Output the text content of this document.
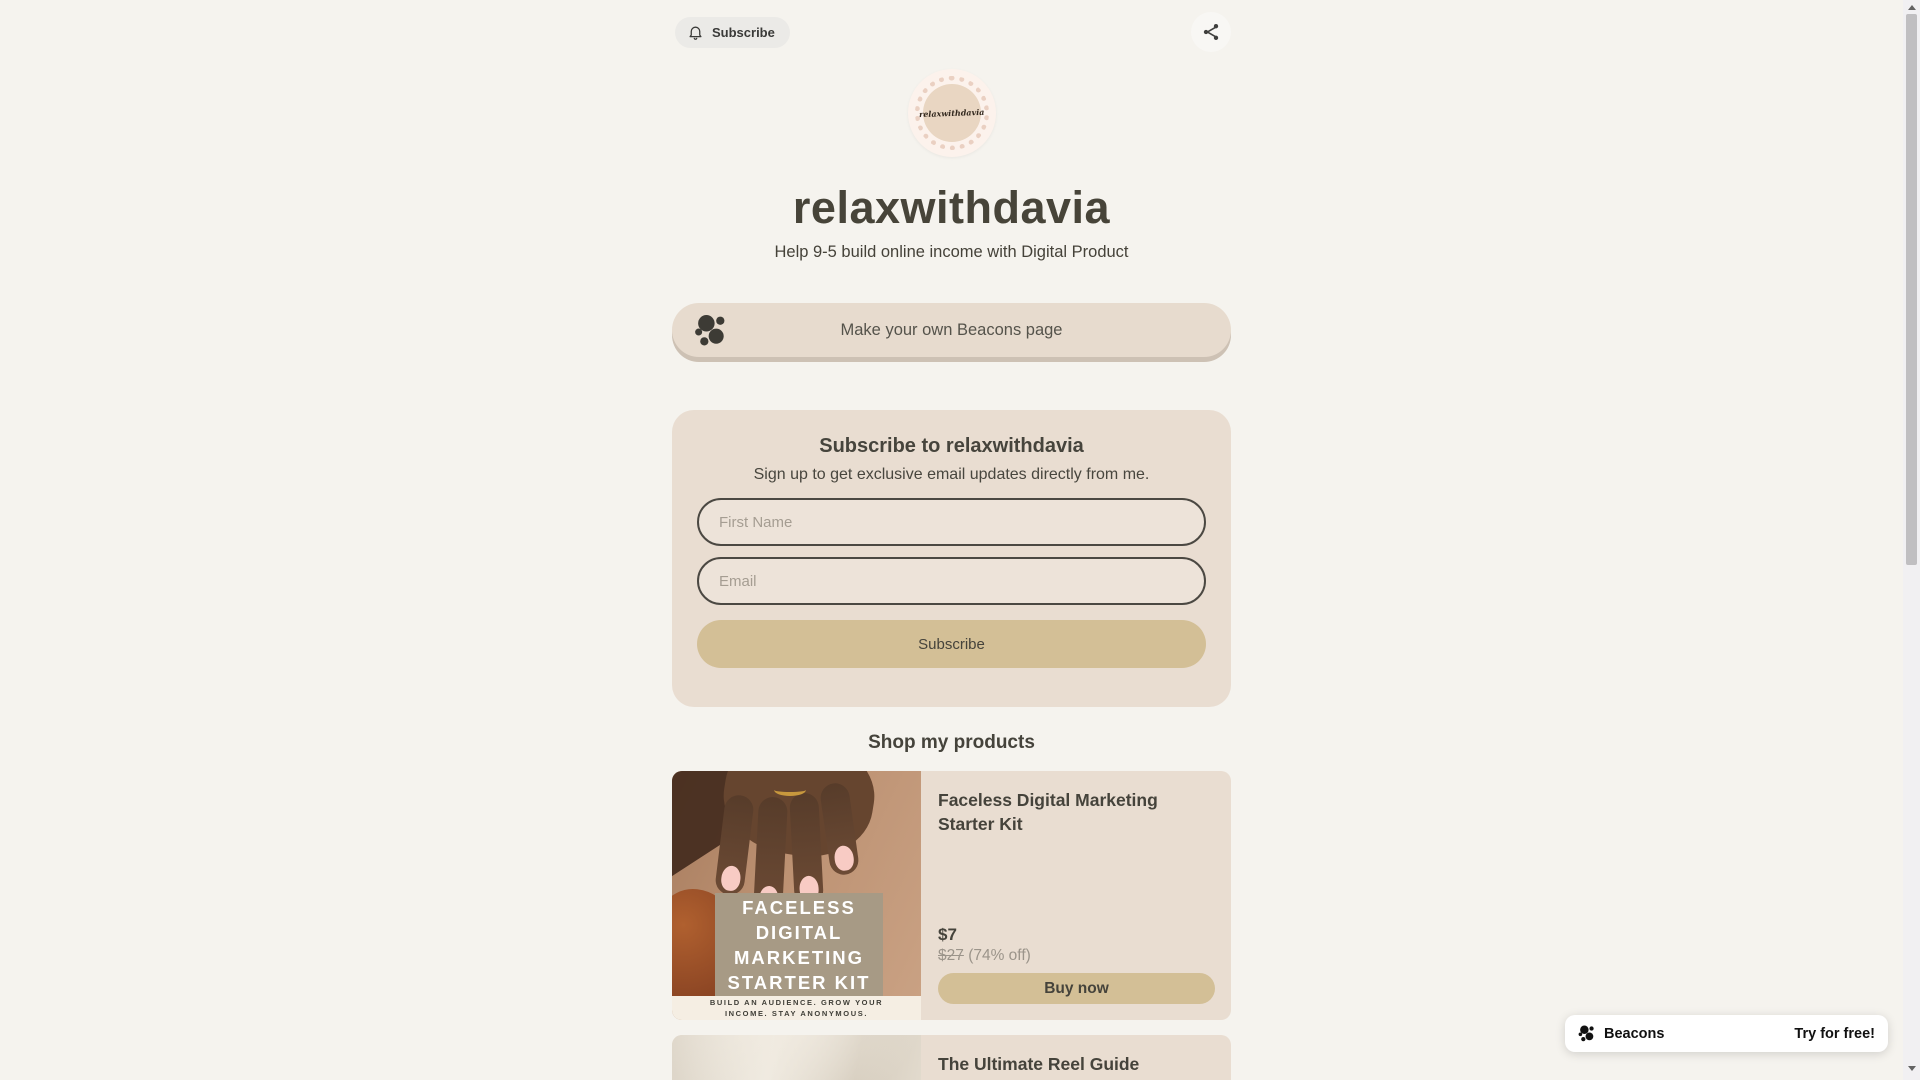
Subscribe
relaxwithdavia
relaxwithdavia
Help 9-5 build online income with Digital Product
Make your own Beacons page
Subscribe to relaxwithdavia
Sign up to get exclusive email updates directly from me.
First Name
Email Subscribe
Shop my products
FACELESS DIGITAL MARKETING STARTER KIT
BUILD AN AUDIENCE. GROW YOUR INCOME. STAY ANONYMOUS.
Faceless Digital Marketing Starter Kit
$7
$27 (74% off)
Buy now
The Ultimate Reel Guide
Beacons	Try for free!
